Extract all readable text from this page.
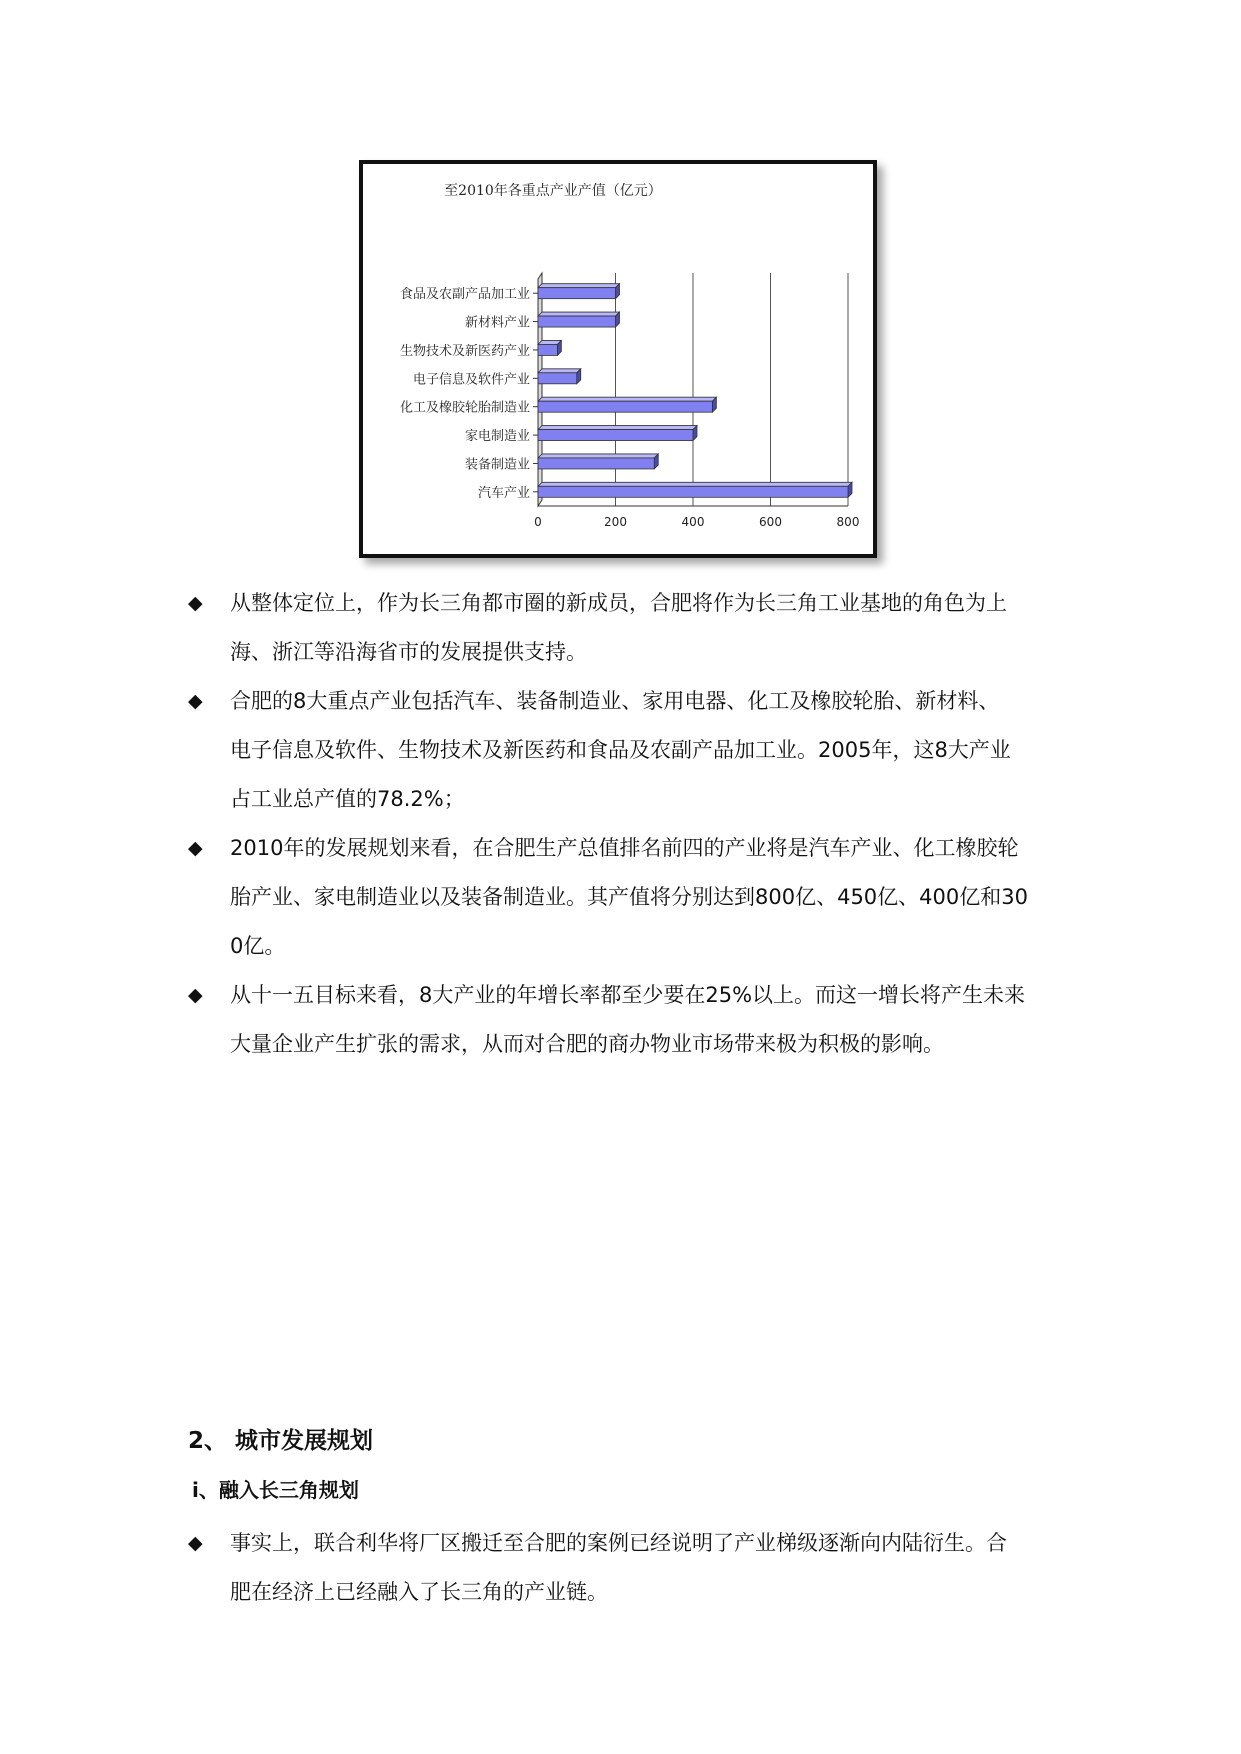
至2010年各重点产业产值（亿元）
食品及农副产品加工业
新材料产业
生物技术及新医药产业
电子信息及软件产业
化工及橡胶轮胎制造业
家电制造业
装备制造业
汽车产业
0	200	400	600	800
◆ 从整体定位上，作为长三角都市圈的新成员，合肥将作为长三角工业基地的角色为上
海、浙江等沿海省市的发展提供支持。
◆ 合肥的8大重点产业包括汽车、装备制造业、家用电器、化工及橡胶轮胎、新材料、
电子信息及软件、生物技术及新医药和食品及农副产品加工业。2005年，这8大产业
占工业总产值的78.2%；
◆ 2010年的发展规划来看，在合肥生产总值排名前四的产业将是汽车产业、化工橡胶轮
胎产业、家电制造业以及装备制造业。其产值将分别达到800亿、450亿、400亿和30
0亿。
◆ 从十一五目标来看，8大产业的年增长率都至少要在25%以上。而这一增长将产生未来
大量企业产生扩张的需求，从而对合肥的商办物业市场带来极为积极的影响。
2、 城市发展规划
ⅰ、融入长三角规划
◆ 事实上，联合利华将厂区搬迁至合肥的案例已经说明了产业梯级逐渐向内陆衍生。合
肥在经济上已经融入了长三角的产业链。
